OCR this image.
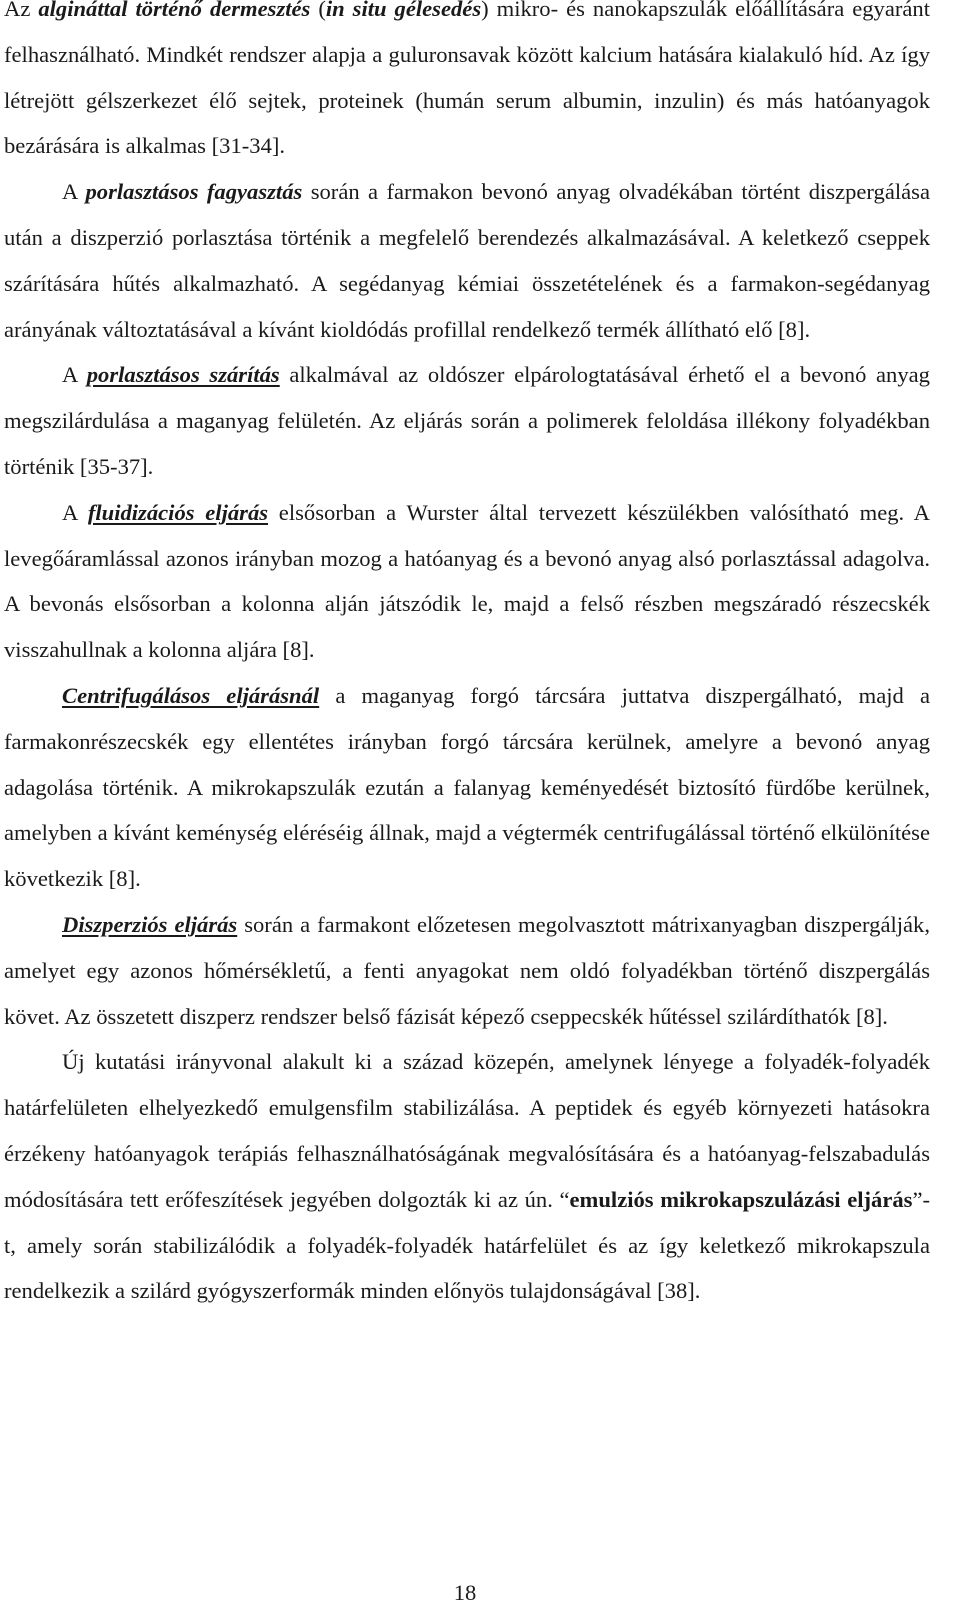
Az algináttal történő dermesztés (in situ gélesedés) mikro- és nanokapszulák előállítására egyaránt felhasználható. Mindkét rendszer alapja a guluronsavak között kalcium hatására kialakuló híd. Az így létrejött gélszerkezet élő sejtek, proteinek (humán serum albumin, inzulin) és más hatóanyagok bezárására is alkalmas [31-34].

A porlasztásos fagyasztás során a farmakon bevonó anyag olvadékában történt diszpergálása után a diszperzió porlasztása történik a megfelelő berendezés alkalmazásával. A keletkező cseppek szárítására hűtés alkalmazható. A segédanyag kémiai összetételének és a farmakon-segédanyag arányának változtatásával a kívánt kioldódás profillal rendelkező termék állítható elő [8].

A porlasztásos szárítás alkalmával az oldószer elpárologtatásával érhető el a bevonó anyag megszilárdulása a maganyag felületén. Az eljárás során a polimerek feloldása illékony folyadékban történik [35-37].

A fluidizációs eljárás elsősorban a Wurster által tervezett készülékben valósítható meg. A levegőáramlással azonos irányban mozog a hatóanyag és a bevonó anyag alsó porlasztással adagolva. A bevonás elsősorban a kolonna alján játszódik le, majd a felső részben megszáradó részecskék visszahullnak a kolonna aljára [8].

Centrifugálásos eljárásnál a maganyag forgó tárcsára juttatva diszpergálható, majd a farmakonrészecskék egy ellentétes irányban forgó tárcsára kerülnek, amelyre a bevonó anyag adagolása történik. A mikrokapszulák ezután a falanyag keményedését biztosító fürdőbe kerülnek, amelyben a kívánt keménység eléréséig állnak, majd a végtermék centrifugálással történő elkülönítése következik [8].

Diszperziós eljárás során a farmakont előzetesen megolvasztott mátrixanyagban diszpergálják, amelyet egy azonos hőmérsékletű, a fenti anyagokat nem oldó folyadékban történő diszpergálás követ. Az összetett diszperz rendszer belső fázisát képező cseppecskék hűtéssel szilárdíthatók [8].

Új kutatási irányvonal alakult ki a század közepén, amelynek lényege a folyadék-folyadék határfelületen elhelyezkedő emulgensfilm stabilizálása. A peptidek és egyéb környezeti hatásokra érzékeny hatóanyagok terápiás felhasználhatóságának megvalósítására és a hatóanyag-felszabadulás módosítására tett erőfeszítések jegyében dolgozták ki az ún. “emulziós mikrokapszulázási eljárás”-t, amely során stabilizálódik a folyadék-folyadék határfelület és az így keletkező mikrokapszula rendelkezik a szilárd gyógyszerformák minden előnyös tulajdonságával [38].

18
